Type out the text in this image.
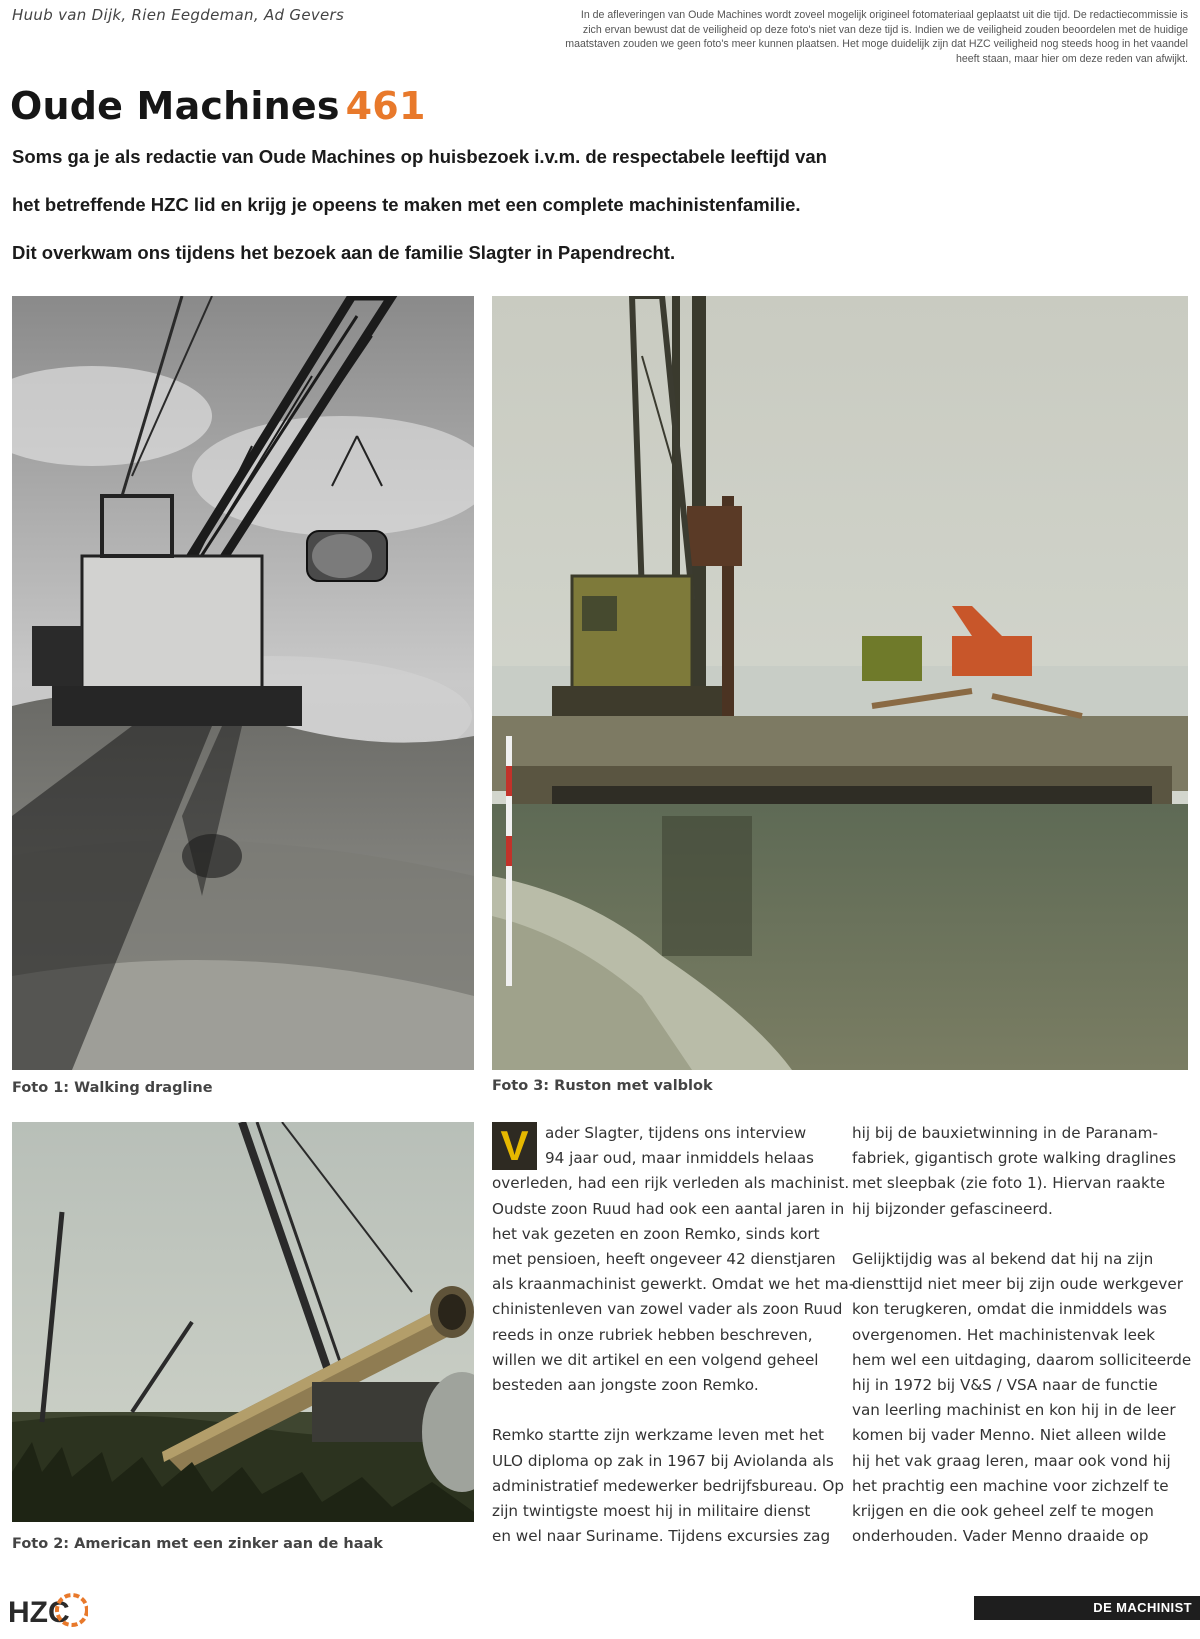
Huub van Dijk, Rien Eegdeman, Ad Gevers	In de afleveringen van Oude Machines wordt zoveel mogelijk origineel fotomateriaal geplaatst uit die tijd. De redactiecommissie is zich ervan bewust dat de veiligheid op deze foto's niet van deze tijd is. Indien we de veiligheid zouden beoordelen met de huidige maatstaven zouden we geen foto's meer kunnen plaatsen. Het moge duidelijk zijn dat HZC veiligheid nog steeds hoog in het vaandel heeft staan, maar hier om deze reden van afwijkt.
Oude Machines 461

Soms ga je als redactie van Oude Machines op huisbezoek i.v.m. de respectabele leeftijd van

het betreffende HZC lid en krijg je opeens te maken met een complete machinistenfamilie.

Dit overkwam ons tijdens het bezoek aan de familie Slagter in Papendrecht.

Foto 1: Walking dragline	Foto 3: Ruston met valblok
Foto 2: American met een zinker aan de haak
V	ader Slagter, tijdens ons interview

94 jaar oud, maar inmiddels helaas

overleden, had een rijk verleden als machinist.

Oudste zoon Ruud had ook een aantal jaren in

het vak gezeten en zoon Remko, sinds kort

met pensioen, heeft ongeveer 42 dienstjaren

als kraanmachinist gewerkt. Omdat we het ma-

chinistenleven van zowel vader als zoon Ruud

reeds in onze rubriek hebben beschreven,

willen we dit artikel en een volgend geheel

besteden aan jongste zoon Remko.

Remko startte zijn werkzame leven met het

ULO diploma op zak in 1967 bij Aviolanda als

administratief medewerker bedrijfsbureau. Op

zijn twintigste moest hij in militaire dienst

en wel naar Suriname. Tijdens excursies zag

hij bij de bauxietwinning in de Paranam-

fabriek, gigantisch grote walking draglines

met sleepbak (zie foto 1). Hiervan raakte

hij bijzonder gefascineerd.

Gelijktijdig was al bekend dat hij na zijn

diensttijd niet meer bij zijn oude werkgever

kon terugkeren, omdat die inmiddels was

overgenomen. Het machinistenvak leek

hem wel een uitdaging, daarom solliciteerde

hij in 1972 bij V&S / VSA naar de functie

van leerling machinist en kon hij in de leer

komen bij vader Menno. Niet alleen wilde

hij het vak graag leren, maar ook vond hij

het prachtig een machine voor zichzelf te

krijgen en die ook geheel zelf te mogen

onderhouden. Vader Menno draaide op

HZC	DE MACHINIST
